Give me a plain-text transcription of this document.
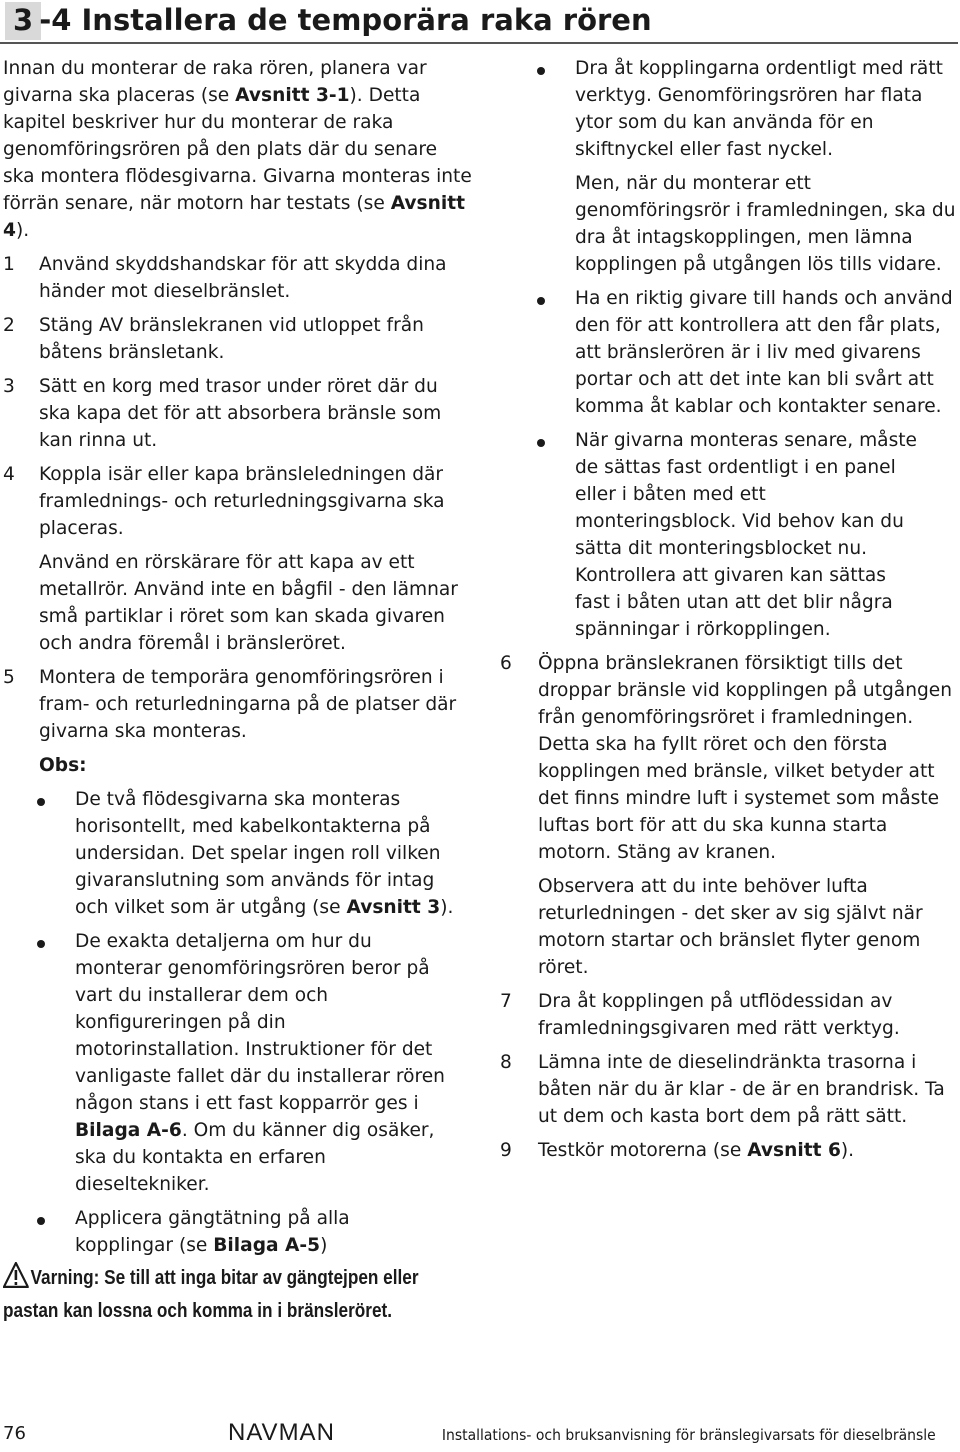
3 -4 Installera de temporära raka rören

Innan du monterar de raka rören, planera var givarna ska placeras (se Avsnitt 3-1). Detta kapitel beskriver hur du monterar de raka genomföringsrören på den plats där du senare ska montera flödesgivarna. Givarna monteras inte förrän senare, när motorn har testats (se Avsnitt 4).

1 Använd skyddshandskar för att skydda dina händer mot dieselbränslet.
2 Stäng AV bränslekranen vid utloppet från båtens bränsletank.
3 Sätt en korg med trasor under röret där du ska kapa det för att absorbera bränsle som kan rinna ut.
4 Koppla isär eller kapa bränsleledningen där framlednings- och returledningsgivarna ska placeras.

Använd en rörskärare för att kapa av ett metallrör. Använd inte en bågfil - den lämnar små partiklar i röret som kan skada givaren och andra föremål i bränsleröret.

5 Montera de temporära genomföringsrören i fram- och returledningarna på de platser där givarna ska monteras.

Obs:

De två flödesgivarna ska monteras horisontellt, med kabelkontakterna på undersidan. Det spelar ingen roll vilken givaranslutning som används för intag och vilket som är utgång (se Avsnitt 3).
De exakta detaljerna om hur du monterar genomföringsrören beror på vart du installerar dem och konfigureringen på din motorinstallation. Instruktioner för det vanligaste fallet där du installerar rören någon stans i ett fast kopparrör ges i Bilaga A-6. Om du känner dig osäker, ska du kontakta en erfaren dieseltekniker.
Applicera gängtätning på alla kopplingar (se Bilaga A-5)
Varning: Se till att inga bitar av gängtejpen eller pastan kan lossna och komma in i bränsleröret.
Dra åt kopplingarna ordentligt med rätt verktyg. Genomföringsrören har flata ytor som du kan använda för en skiftnyckel eller fast nyckel.

Men, när du monterar ett genomföringsrör i framledningen, ska du dra åt intagskopplingen, men lämna kopplingen på utgången lös tills vidare.

Ha en riktig givare till hands och använd den för att kontrollera att den får plats, att bränslerören är i liv med givarens portar och att det inte kan bli svårt att komma åt kablar och kontakter senare.
När givarna monteras senare, måste de sättas fast ordentligt i en panel eller i båten med ett monteringsblock. Vid behov kan du sätta dit monteringsblocket nu. Kontrollera att givaren kan sättas fast i båten utan att det blir några spänningar i rörkopplingen.
6 Öppna bränslekranen försiktigt tills det droppar bränsle vid kopplingen på utgången från genomföringsröret i framledningen. Detta ska ha fyllt röret och den första kopplingen med bränsle, vilket betyder att det finns mindre luft i systemet som måste luftas bort för att du ska kunna starta motorn. Stäng av kranen.

Observera att du inte behöver lufta returledningen - det sker av sig självt när motorn startar och bränslet flyter genom röret.

7 Dra åt kopplingen på utflödessidan av framledningsgivaren med rätt verktyg.
8 Lämna inte de dieselindränkta trasorna i båten när du är klar - de är en brandrisk. Ta ut dem och kasta bort dem på rätt sätt.
9 Testkör motorerna (se Avsnitt 6).
76	NAVMAN	Installations- och bruksanvisning för bränslegivarsats för dieselbränsle
